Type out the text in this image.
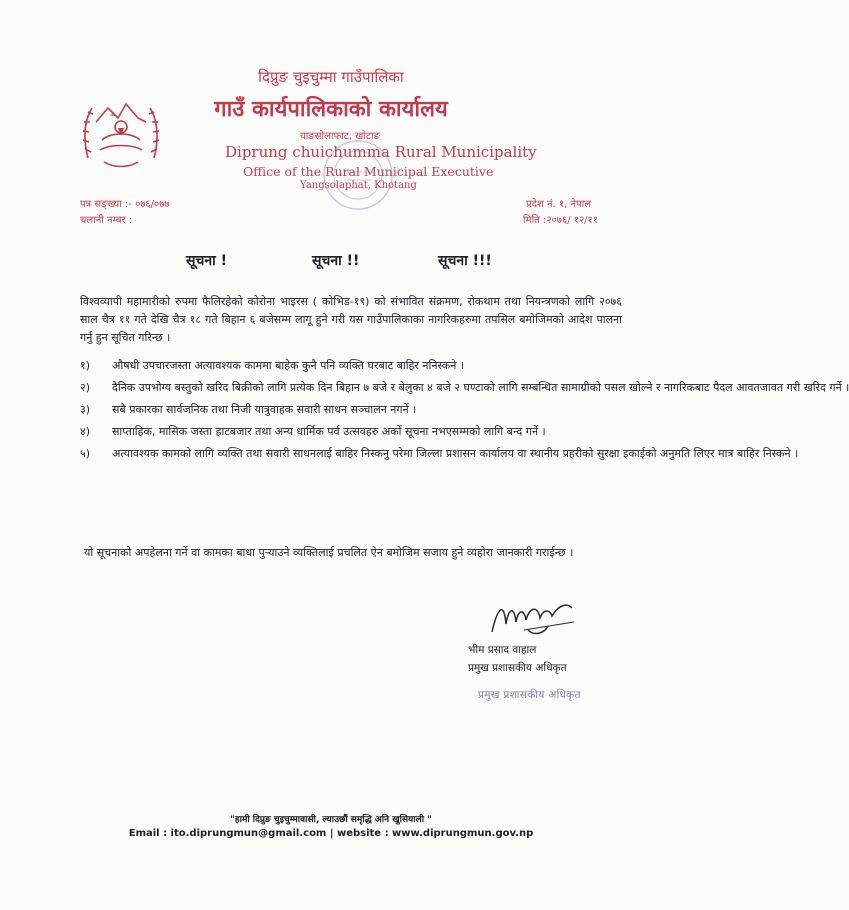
दिप्रुङ चुइचुम्मा गाउँपालिका
गाउँ कार्यपालिकाको कार्यालय
याङसोलाफाट, खोटाङ
Diprung chuichumma Rural Municipality
Office of the Rural Municipal Executive
Yangsolaphat, Khotang
पत्र सङ्ख्या :- ०७६/०७७
चलानी नम्बर :
प्रदेश नं. १, नेपाल
मिति :२०७६/ १२/११
सूचना !	सूचना !!	सूचना !!!
विश्वव्यापी महामारीको रुपमा फैलिरहेको कोरोना भाइरस ( कोभिड-१९) को संभावित संक्रमण, रोकथाम तथा नियन्त्रणको लागि २०७६ साल चैत्र ११ गते देखि चैत्र १८ गते बिहान ६ बजेसम्म लागू हुने गरी यस गाउँपालिकाका नागरिकहरुमा तपसिल बमोजिमको आदेश पालना गर्नु हुन सूचित गरिन्छ ।
१) औषधी उपचारजस्ता अत्यावश्यक काममा बाहेक कुनै पनि व्यक्ति घरबाट बाहिर ननिस्कने ।
२) दैनिक उपभोग्य बस्तुको खरिद बिक्रीको लागि प्रत्येक दिन बिहान ७ बजे र बेलुका ४ बजे २ घण्टाको लागि सम्बन्धित सामाग्रीको पसल खोल्ने र नागरिकबाट पैदल आवतजावत गरी खरिद गर्ने ।
३) सबै प्रकारका सार्वजनिक तथा निजी यात्रुवाहक सवारी साधन सञ्चालन नगर्ने ।
४) साप्ताहिक, मासिक जस्ता हाटबजार तथा अन्य धार्मिक पर्व उत्सवहरु अर्को सूचना नभएसम्मको लागि बन्द गर्ने ।
५) अत्यावश्यक कामको लागि व्यक्ति तथा सवारी साधनलाई बाहिर निस्कनु परेमा जिल्ला प्रशासन कार्यालय वा स्थानीय प्रहरीको सुरक्षा इकाईको अनुमति लिएर मात्र बाहिर निस्कने ।
यो सूचनाको अपहेलना गर्ने वा कामका बाधा पुऱ्याउने व्यक्तिलाई प्रचलित ऐन बमोजिम सजाय हुने व्यहोरा जानकारी गराईन्छ ।
भीम प्रसाद वाहाल
प्रमुख प्रशासकीय अधिकृत
प्रमुख प्रशासकीय अधिकृत
"हामी दिप्रुङ चुइचुम्मावासी, ल्याउछौं समृद्धि अनि खुसियाली "
Email : ito.diprungmun@gmail.com | website : www.diprungmun.gov.np
